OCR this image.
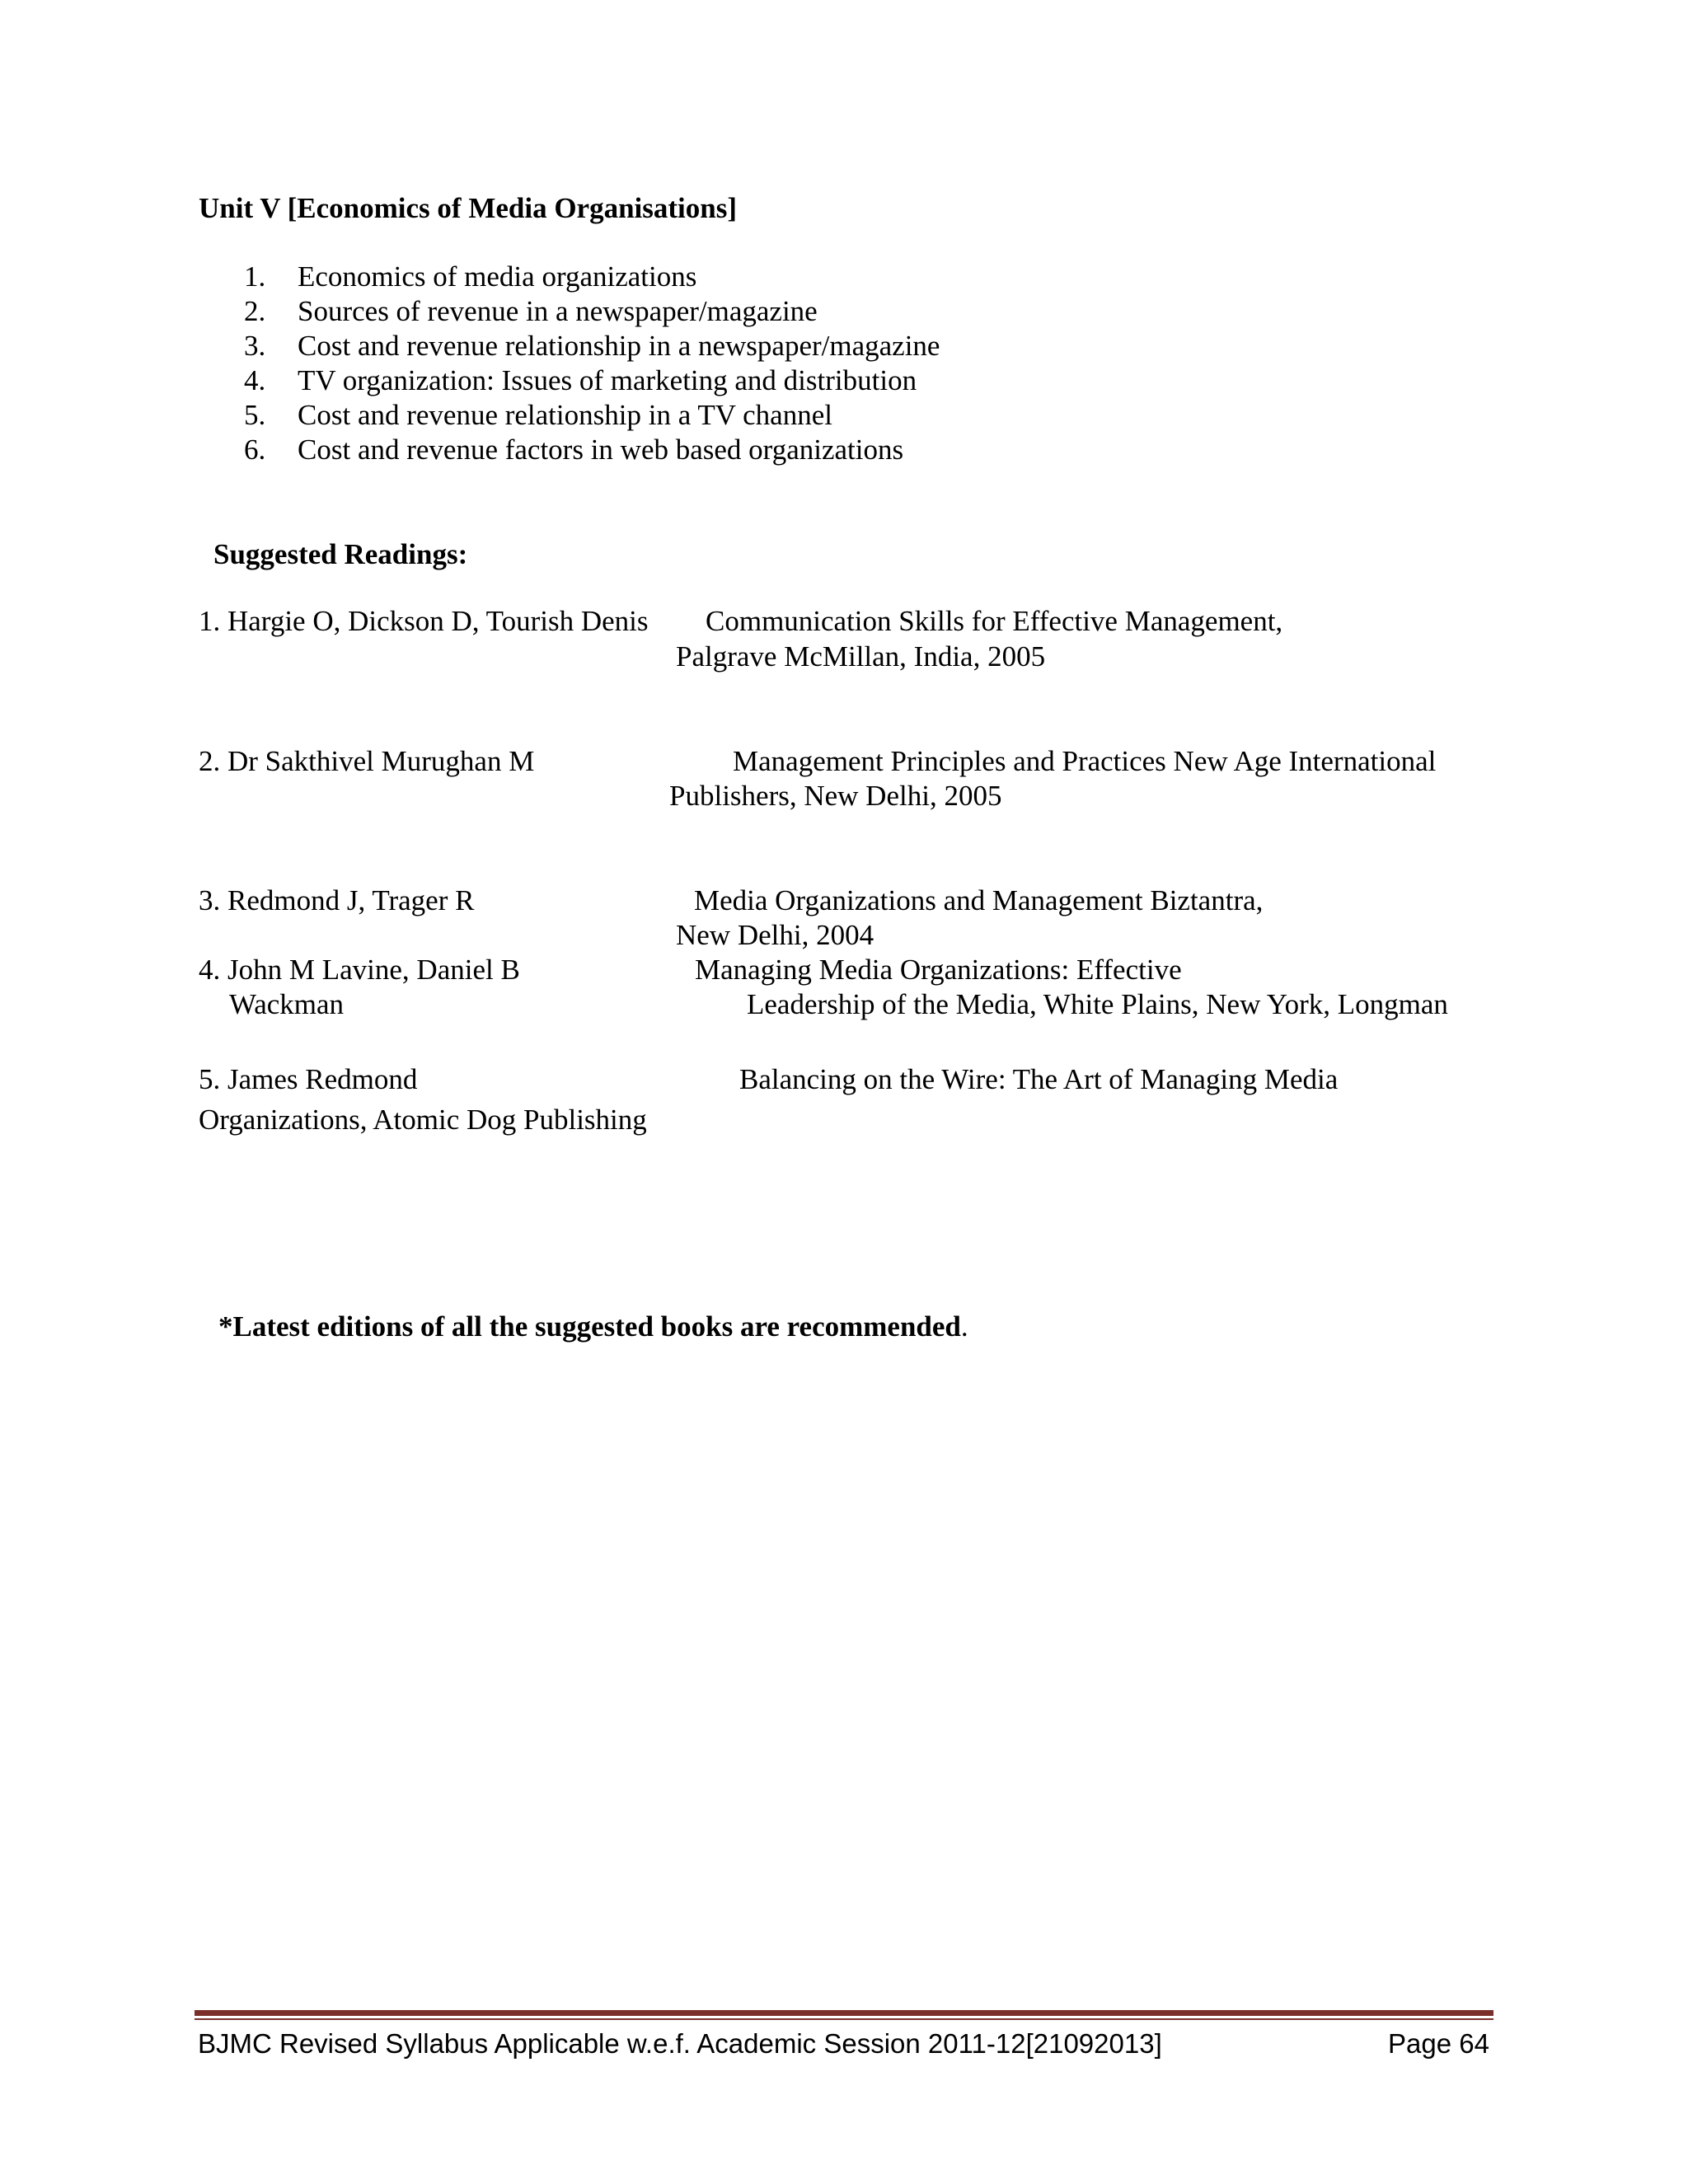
Unit V [Economics of Media Organisations]
1. Economics of media organizations
2. Sources of revenue in a newspaper/magazine
3. Cost and revenue relationship in a newspaper/magazine
4. TV organization: Issues of marketing and distribution
5. Cost and revenue relationship in a TV channel
6. Cost and revenue factors in web based organizations
Suggested Readings:
1. Hargie O, Dickson D, Tourish Denis Communication Skills for Effective Management,
Palgrave McMillan, India, 2005
2. Dr Sakthivel Murughan M	Management Principles and Practices New Age International
Publishers, New Delhi, 2005
3. Redmond J, Trager R	Media Organizations and Management Biztantra,
New Delhi, 2004
4. John M Lavine, Daniel B	Managing Media Organizations: Effective
Wackman	Leadership of the Media, White Plains, New York, Longman
5. James Redmond	Balancing on the Wire: The Art of Managing Media
Organizations, Atomic Dog Publishing
*Latest editions of all the suggested books are recommended.
BJMC Revised Syllabus Applicable w.e.f. Academic Session 2011-12[21092013]	Page 64
